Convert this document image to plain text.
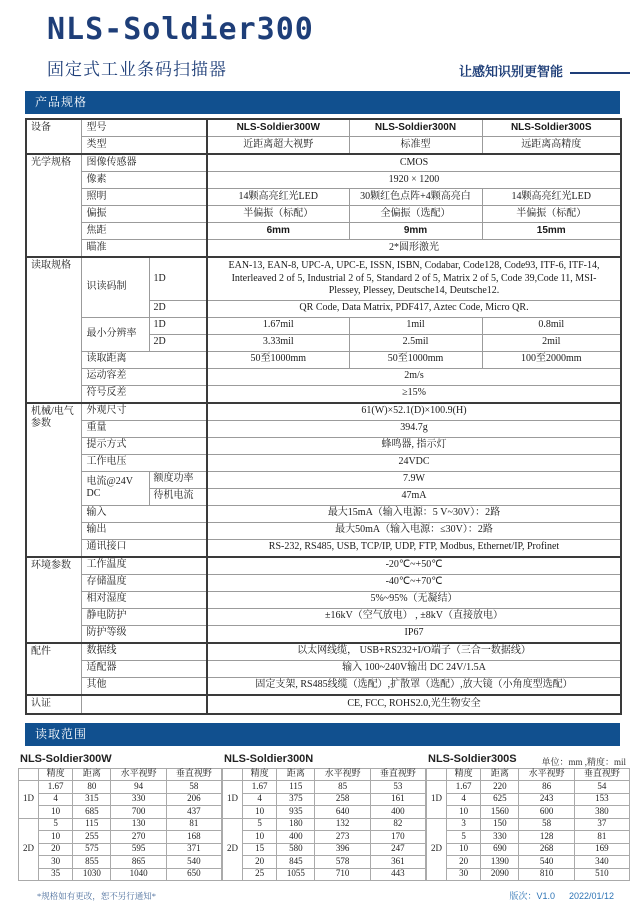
NLS-Soldier300
固定式工业条码扫描器	让感知识别更智能
产品规格
设备	型号		NLS-Soldier300W	NLS-Soldier300N	NLS-Soldier300S
	类型		近距离超大视野	标准型	远距离高精度
光学规格	图像传感器		CMOS		
	像素		1920 × 1200		
	照明		14颗高亮红光LED	30颗红色点阵+4颗高亮白	14颗高亮红光LED
	偏振		半偏振（标配）	全偏振（选配）	半偏振（标配）
	焦距		6mm	9mm	15mm
	瞄准		2*圆形激光		
读取规格	识读码制	1D	EAN-13, EAN-8, UPC-A, UPC-E, ISSN, ISBN, Codabar, Code128, Code93, ITF-6, ITF-14, Interleaved 2 of 5, Industrial 2 of 5, Standard 2 of 5, Matrix 2 of 5, Code 39,Code 11, MSI-Plessey, Plessey, Deutsche14, Deutsche12.		
		2D	QR Code, Data Matrix, PDF417, Aztec Code, Micro QR.		
	最小分辨率	1D	1.67mil	1mil	0.8mil
		2D	3.33mil	2.5mil	2mil
	读取距离		50至1000mm	50至1000mm	100至2000mm
	运动容差		2m/s		
	符号反差		≥15%		
机械/电气参数	外观尺寸		61(W)×52.1(D)×100.9(H)		
	重量		394.7g		
	提示方式		蜂鸣器, 指示灯		
	工作电压		24VDC		
	电流@24V DC	额度功率	7.9W		
		待机电流	47mA		
	输入		最大15mA（输入电源：5 V~30V）：2路		
	输出		最大50mA（输入电源：≤30V）：2路		
	通讯接口		RS-232, RS485, USB, TCP/IP, UDP, FTP, Modbus, Ethernet/IP, Profinet		
环境参数	工作温度		-20℃~+50℃		
	存储温度		-40℃~+70℃		
	相对湿度		5%~95%（无凝结）		
	静电防护		±16kV（空气放电） , ±8kV（直接放电）		
	防护等级		IP67		
配件	数据线		以太网线缆， USB+RS232+I/O端子（三合一数据线）		
	适配器		输入 100~240V输出 DC 24V/1.5A		
	其他		固定支架, RS485线缆（选配）,扩散罩（选配）,放大镜（小角度型选配）		
认证			CE, FCC, ROHS2.0,光生物安全		
读取范围
单位：mm ,精度：mil
NLS-Soldier300W
	精度	距离	水平视野	垂直视野
1D	1.67	80	94	58
	4	315	330	206
	10	685	700	437
2D	5	115	130	81
	10	255	270	168
	20	575	595	371
	30	855	865	540
	35	1030	1040	650
NLS-Soldier300N
	精度	距离	水平视野	垂直视野
1D	1.67	115	85	53
	4	375	258	161
	10	935	640	400
2D	5	180	132	82
	10	400	273	170
	15	580	396	247
	20	845	578	361
	25	1055	710	443
NLS-Soldier300S
	精度	距离	水平视野	垂直视野
1D	1.67	220	86	54
	4	625	243	153
	10	1560	600	380
2D	3	150	58	37
	5	330	128	81
	10	690	268	169
	20	1390	540	340
	30	2090	810	510
*规格如有更改，恕不另行通知*	版次：V1.0 2022/01/12
